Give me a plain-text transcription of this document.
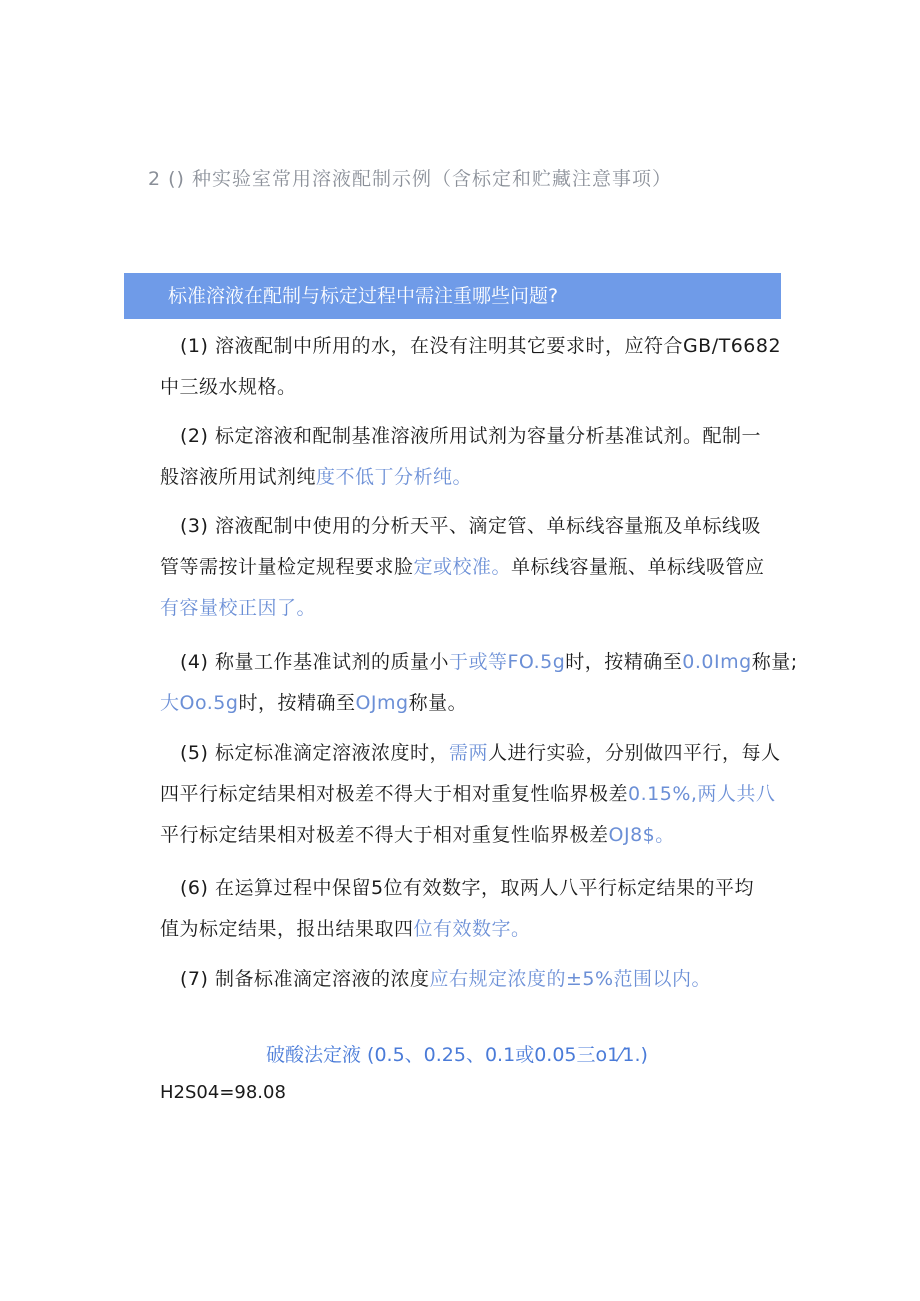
2 () 种实验室常用溶液配制示例（含标定和贮藏注意事项）
标准溶液在配制与标定过程中需注重哪些问题?
(1) 溶液配制中所用的水，在没有注明其它要求时，应符合GB/T6682
中三级水规格。
(2) 标定溶液和配制基准溶液所用试剂为容量分析基准试剂。配制一
般溶液所用试剂纯度不低丁分析纯。
(3) 溶液配制中使用的分析天平、滴定管、单标线容量瓶及单标线吸
管等需按计量检定规程要求脸定或校准。单标线容量瓶、单标线吸管应
有容量校正因了。
(4) 称量工作基准试剂的质量小于或等FO.5g时，按精确至0.0Img称量;
大Oo.5g时，按精确至OJmg称量。
(5) 标定标准滴定溶液浓度时，需两人进行实验，分别做四平行，每人
四平行标定结果相对极差不得大于相对重复性临界极差0.15%,两人共八
平行标定结果相对极差不得大于相对重复性临界极差OJ8$。
(6) 在运算过程中保留5位有效数字，取两人八平行标定结果的平均
值为标定结果，报出结果取四位有效数字。
(7) 制备标准滴定溶液的浓度应右规定浓度的±5%范围以内。
破酸法定液 (0.5、0.25、0.1或0.05三o1⁄1.)
H2S04=98.08
